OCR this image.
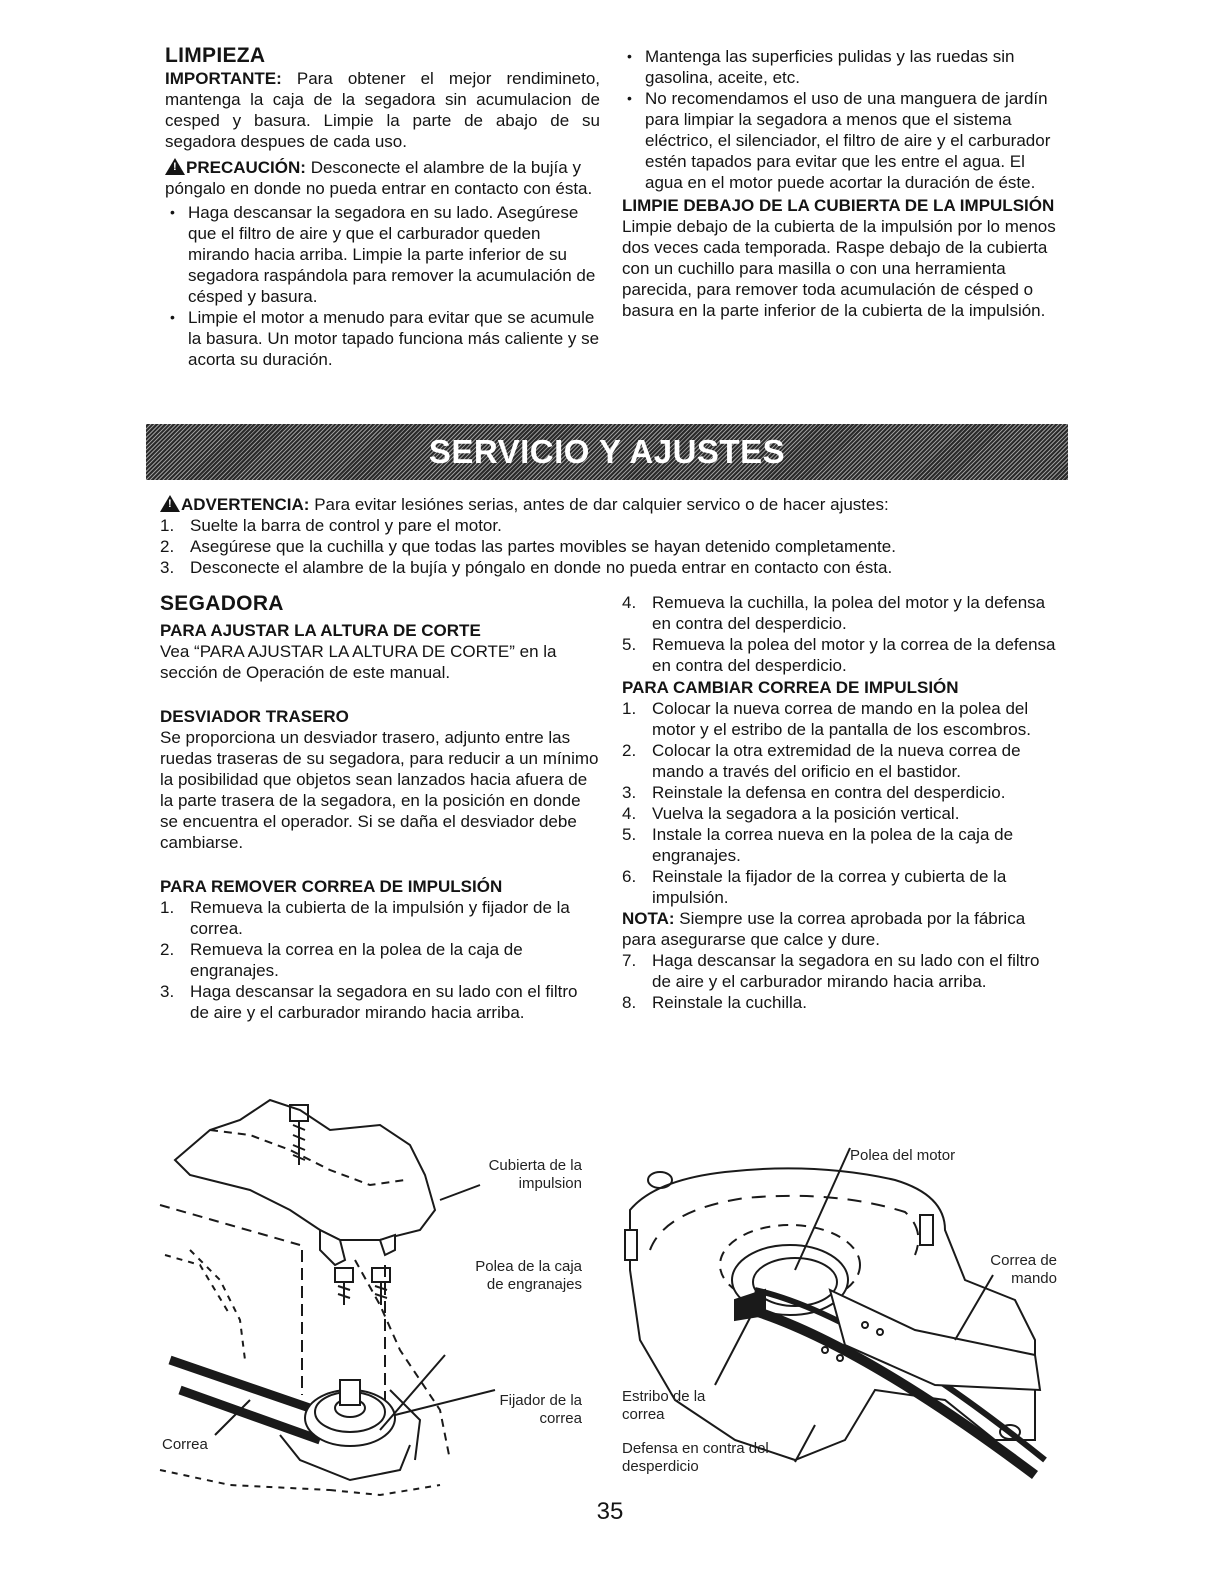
LIMPIEZA

IMPORTANTE: Para obtener el mejor rendimineto, mantenga la caja de la segadora sin acumulacion de cesped y basura. Limpie la parte de abajo de su segadora despues de cada uso.

!PRECAUCIÓN: Desconecte el alambre de la bujía y póngalo en donde no pueda entrar en contacto con ésta.

• Haga descansar la segadora en su lado. Asegúrese que el filtro de aire y que el carburador queden mirando hacia arriba. Limpie la parte inferior de su segadora raspándola para remover la acumulación de césped y basura.
• Limpie el motor a menudo para evitar que se acumule la basura. Un motor tapado funciona más caliente y se acorta su duración.
• Mantenga las superficies pulidas y las ruedas sin gasolina, aceite, etc.
• No recomendamos el uso de una manguera de jardín para limpiar la segadora a menos que el sistema eléctrico, el silenciador, el filtro de aire y el carburador estén tapados para evitar que les entre el agua. El agua en el motor puede acortar la duración de éste.
LIMPIE DEBAJO DE LA CUBIERTA DE LA IMPULSIÓN

Limpie debajo de la cubierta de la impulsión por lo menos dos veces cada temporada. Raspe debajo de la cubierta con un cuchillo para masilla o con una herramienta parecida, para remover toda acumulación de césped o basura en la parte inferior de la cubierta de la impulsión.

SERVICIO Y AJUSTES

!ADVERTENCIA: Para evitar lesiónes serias, antes de dar calquier servico o de hacer ajustes:

1. Suelte la barra de control y pare el motor.
2. Asegúrese que la cuchilla y que todas las partes movibles se hayan detenido completamente.
3. Desconecte el alambre de la bujía y póngalo en donde no pueda entrar en contacto con ésta.
SEGADORA
PARA AJUSTAR LA ALTURA DE CORTE

Vea “PARA AJUSTAR LA ALTURA DE CORTE” en la sección de Operación de este manual.

DESVIADOR TRASERO

Se proporciona un desviador trasero, adjunto entre las ruedas traseras de su segadora, para reducir a un mínimo la posibilidad que objetos sean lanzados hacia afuera de la parte trasera de la segadora, en la posición en donde se encuentra el operador. Si se daña el desviador debe cambiarse.

PARA REMOVER CORREA DE IMPULSIÓN
1. Remueva la cubierta de la impulsión y fijador de la correa.
2. Remueva la correa en la polea de la caja de engranajes.
3. Haga descansar la segadora en su lado con el filtro de aire y el carburador mirando hacia arriba.
4. Remueva la cuchilla, la polea del motor y la defensa en contra del desperdicio.
5. Remueva la polea del motor y la correa de la defensa en contra del desperdicio.
PARA CAMBIAR CORREA DE IMPULSIÓN
1. Colocar la nueva correa de mando en la polea del motor y el estribo de la pantalla de los escombros.
2. Colocar la otra extremidad de la nueva correa de mando a través del orificio en el bastidor.
3. Reinstale la defensa en contra del desperdicio.
4. Vuelva la segadora a la posición vertical.
5. Instale la correa nueva en la polea de la caja de engranajes.
6. Reinstale la fijador de la correa y cubierta de la impulsión.

NOTA: Siempre use la correa aprobada por la fábrica para asegurarse que calce y dure.

7. Haga descansar la segadora en su lado con el filtro de aire y el carburador mirando hacia arriba.
8. Reinstale la cuchilla.
Cubierta de la impulsion
Polea de la caja de engranajes
Fijador de la correa
Correa
Polea del motor
Correa de mando
Estribo de la correa
Defensa en contra del desperdicio
35
